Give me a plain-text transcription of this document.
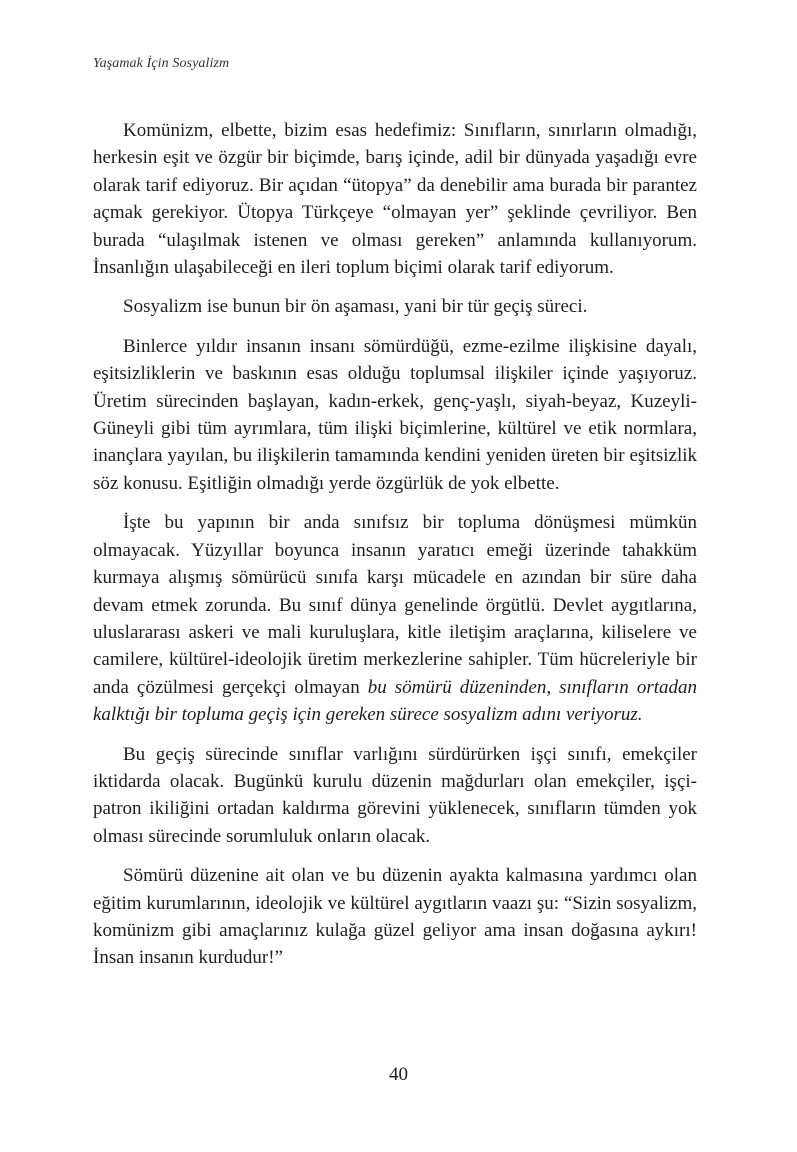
Yaşamak İçin Sosyalizm

Komünizm, elbette, bizim esas hedefimiz: Sınıfların, sınırların olmadığı, herkesin eşit ve özgür bir biçimde, barış içinde, adil bir dünyada yaşadığı evre olarak tarif ediyoruz. Bir açıdan “ütopya” da denebilir ama burada bir parantez açmak gerekiyor. Ütopya Türkçeye “olmayan yer” şeklinde çevriliyor. Ben burada “ulaşılmak istenen ve olması gereken” anlamında kullanıyorum. İnsanlığın ulaşabileceği en ileri toplum biçimi olarak tarif ediyorum.

Sosyalizm ise bunun bir ön aşaması, yani bir tür geçiş süreci.

Binlerce yıldır insanın insanı sömürdüğü, ezme-ezilme ilişkisine dayalı, eşitsizliklerin ve baskının esas olduğu toplumsal ilişkiler içinde yaşıyoruz. Üretim sürecinden başlayan, kadın-erkek, genç-yaşlı, siyah-beyaz, Kuzeyli-Güneyli gibi tüm ayrımlara, tüm ilişki biçimlerine, kültürel ve etik normlara, inançlara yayılan, bu ilişkilerin tamamında kendini yeniden üreten bir eşitsizlik söz konusu. Eşitliğin olmadığı yerde özgürlük de yok elbette.

İşte bu yapının bir anda sınıfsız bir topluma dönüşmesi mümkün olmayacak. Yüzyıllar boyunca insanın yaratıcı emeği üzerinde tahakküm kurmaya alışmış sömürücü sınıfa karşı mücadele en azından bir süre daha devam etmek zorunda. Bu sınıf dünya genelinde örgütlü. Devlet aygıtlarına, uluslararası askeri ve mali kuruluşlara, kitle iletişim araçlarına, kiliselere ve camilere, kültürel-ideolojik üretim merkezlerine sahipler. Tüm hücreleriyle bir anda çözülmesi gerçekçi olmayan bu sömürü düzeninden, sınıfların ortadan kalktığı bir topluma geçiş için gereken sürece sosyalizm adını veriyoruz.

Bu geçiş sürecinde sınıflar varlığını sürdürürken işçi sınıfı, emekçiler iktidarda olacak. Bugünkü kurulu düzenin mağdurları olan emekçiler, işçi-patron ikiliğini ortadan kaldırma görevini yüklenecek, sınıfların tümden yok olması sürecinde sorumluluk onların olacak.

Sömürü düzenine ait olan ve bu düzenin ayakta kalmasına yardımcı olan eğitim kurumlarının, ideolojik ve kültürel aygıtların vaazı şu: “Sizin sosyalizm, komünizm gibi amaçlarınız kulağa güzel geliyor ama insan doğasına aykırı! İnsan insanın kurdudur!”

40
